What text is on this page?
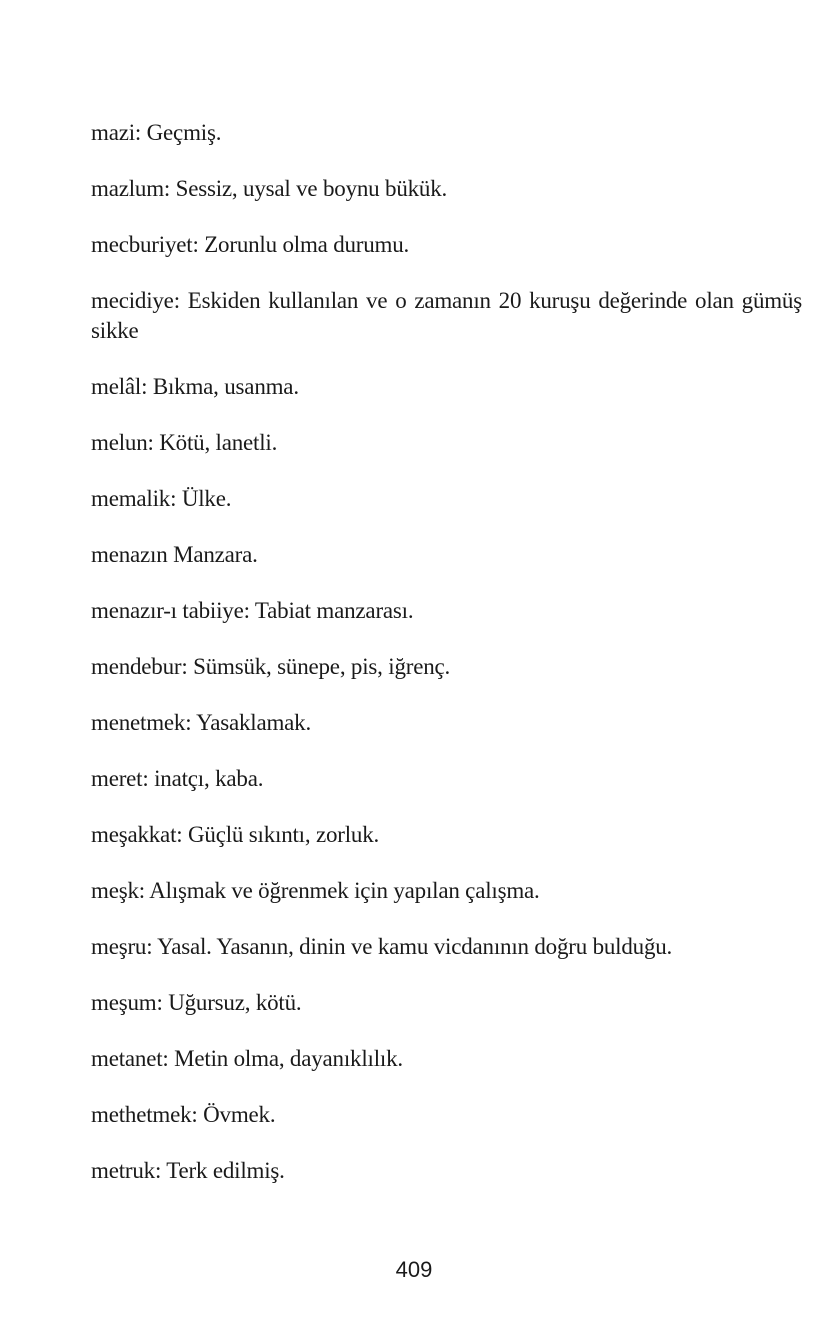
mazi: Geçmiş.
mazlum: Sessiz, uysal ve boynu bükük.
mecburiyet: Zorunlu olma durumu.
mecidiye: Eskiden kullanılan ve o zamanın 20 kuruşu değerinde olan gümüş sikke
melâl: Bıkma, usanma.
melun: Kötü, lanetli.
memalik: Ülke.
menazın Manzara.
menazır-ı tabiiye: Tabiat manzarası.
mendebur: Sümsük, sünepe, pis, iğrenç.
menetmek: Yasaklamak.
meret: inatçı, kaba.
meşakkat: Güçlü sıkıntı, zorluk.
meşk: Alışmak ve öğrenmek için yapılan çalışma.
meşru: Yasal. Yasanın, dinin ve kamu vicdanının doğru bulduğu.
meşum: Uğursuz, kötü.
metanet: Metin olma, dayanıklılık.
methetmek: Övmek.
metruk: Terk edilmiş.
409
